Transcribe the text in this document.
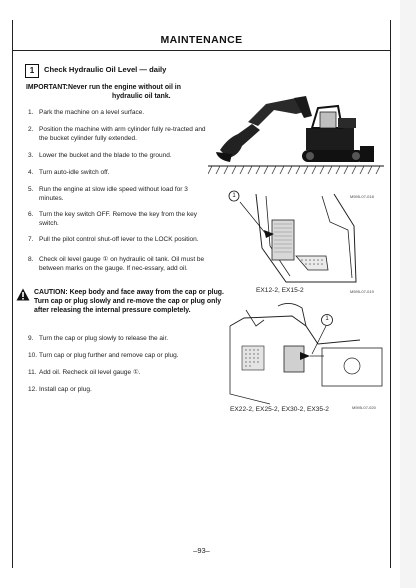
MAINTENANCE
1	Check Hydraulic Oil Level — daily
IMPORTANT:Never run the engine without oil in
hydraulic oil tank.
1. Park the machine on a level surface.
2. Position the machine with arm cylinder fully re-tracted and the bucket cylinder fully extended.
3. Lower the bucket and the blade to the ground.
4. Turn auto-idle switch off.
5. Run the engine at slow idle speed without load for 3 minutes.
6. Turn the key switch OFF. Remove the key from the key switch.
7. Pull the pilot control shut-off lever to the LOCK position.
8. Check oil level gauge ① on hydraulic oil tank. Oil must be between marks on the gauge. If nec-essary, add oil.
CAUTION: Keep body and face away from the cap or plug. Turn cap or plug slowly and re-move the cap or plug only after releasing the internal pressure completely.
9. Turn the cap or plug slowly to release the air.
10. Turn cap or plug further and remove cap or plug.
11. Add oil. Recheck oil level gauge ①.
12. Install cap or plug.
M595-07-018
1
M595-07-019
EX12-2, EX15-2
1
M595-07-020
EX22-2, EX25-2, EX30-2, EX35-2
–93–
